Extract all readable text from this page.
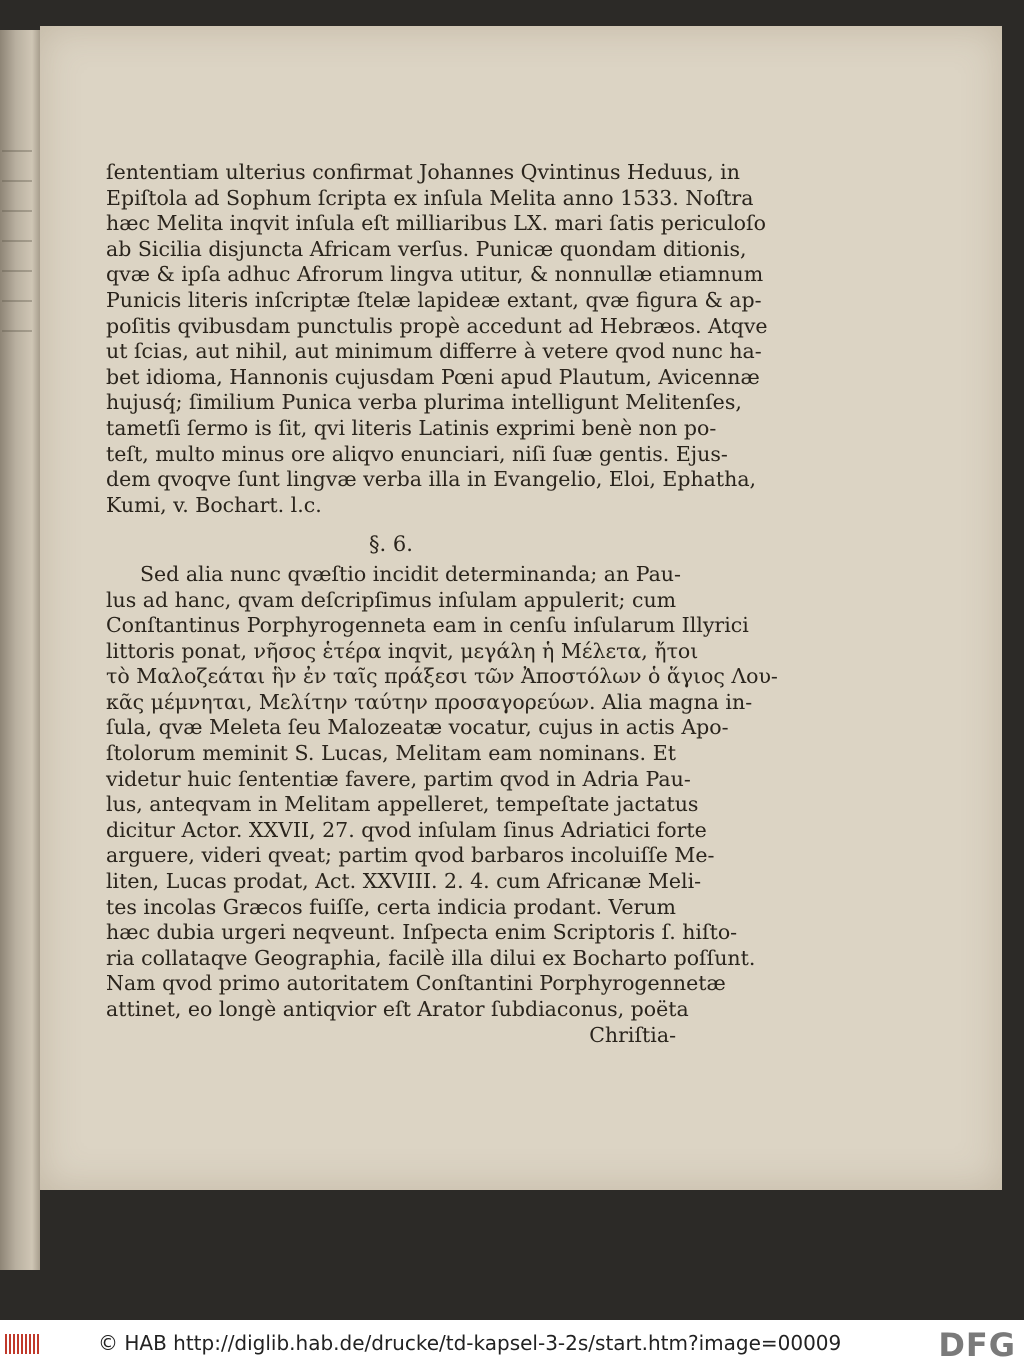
ſententiam ulterius confirmat Johannes Qvintinus Heduus, in
Epiſtola ad Sophum ſcripta ex inſula Melita anno 1533. Noſtra
hæc Melita inqvit inſula eſt milliaribus LX. mari ſatis periculoſo
ab Sicilia disjuncta Africam verſus. Punicæ quondam ditionis,
qvæ & ipſa adhuc Afrorum lingva utitur, & nonnullæ etiamnum
Punicis literis inſcriptæ ſtelæ lapideæ extant, qvæ figura & ap-
poſitis qvibusdam punctulis propè accedunt ad Hebræos. Atqve
ut ſcias, aut nihil, aut minimum differre à vetere qvod nunc ha-
bet idioma, Hannonis cujusdam Pœni apud Plautum, Avicennæ
hujusq́; ſimilium Punica verba plurima intelligunt Melitenſes,
tametſi ſermo is ſit, qvi literis Latinis exprimi benè non po-
teſt, multo minus ore aliqvo enunciari, niſi ſuæ gentis. Ejus-
dem qvoqve ſunt lingvæ verba illa in Evangelio, Eloi, Ephatha,
Kumi, v. Bochart. l.c.
§. 6.
Sed alia nunc qvæſtio incidit determinanda; an Pau-
lus ad hanc, qvam deſcripſimus inſulam appulerit; cum
Conſtantinus Porphyrogenneta eam in cenſu inſularum Illyrici
littoris ponat, νῆσος ἑτέρα inqvit, μεγάλη ἡ Μέλετα, ἤτοι
τὸ Μαλοζεάται ἣν ἐν ταῖς πράξεσι τῶν Ἀποστόλων ὁ ἅγιος Λου-
κᾶς μέμνηται, Μελίτην ταύτην προσαγορεύων. Alia magna in-
ſula, qvæ Meleta ſeu Malozeatæ vocatur, cujus in actis Apo-
ſtolorum meminit S. Lucas, Melitam eam nominans. Et
videtur huic ſententiæ favere, partim qvod in Adria Pau-
lus, anteqvam in Melitam appelleret, tempeſtate jactatus
dicitur Actor. XXVII, 27. qvod inſulam ſinus Adriatici forte
arguere, videri qveat; partim qvod barbaros incoluiſſe Me-
liten, Lucas prodat, Act. XXVIII. 2. 4. cum Africanæ Meli-
tes incolas Græcos fuiſſe, certa indicia prodant. Verum
hæc dubia urgeri neqveunt. Inſpecta enim Scriptoris ſ. hiſto-
ria collataqve Geographia, facilè illa dilui ex Bocharto poſſunt.
Nam qvod primo autoritatem Conſtantini Porphyrogennetæ
attinet, eo longè antiqvior eſt Arator ſubdiaconus, poëta
Chriſtia-
© HAB http://diglib.hab.de/drucke/td-kapsel-3-2s/start.htm?image=00009	DFG
